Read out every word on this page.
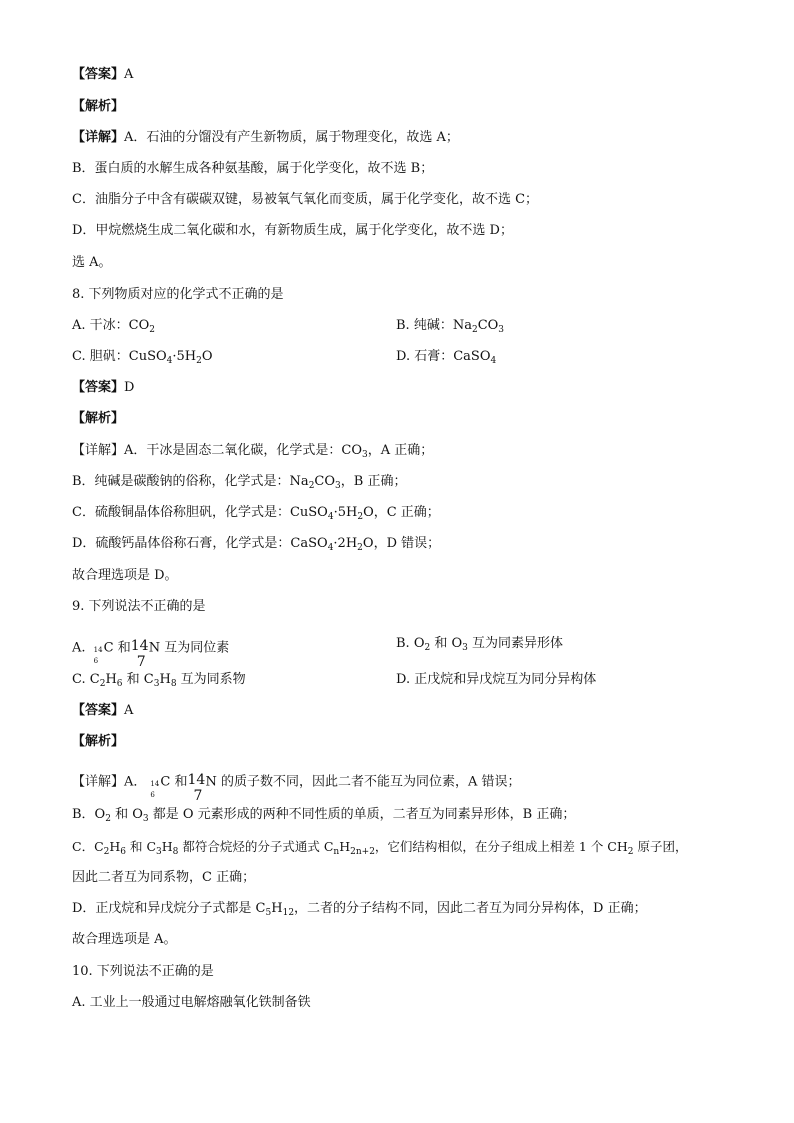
【答案】A
【解析】
【详解】A．石油的分馏没有产生新物质，属于物理变化，故选 A；
B．蛋白质的水解生成各种氨基酸，属于化学变化，故不选 B；
C．油脂分子中含有碳碳双键，易被氧气氧化而变质，属于化学变化，故不选 C；
D．甲烷燃烧生成二氧化碳和水，有新物质生成，属于化学变化，故不选 D；
选 A。
8. 下列物质对应的化学式不正确的是
A. 干冰：$CO_2$	B. 纯碱：$Na_2CO_3$
C. 胆矾：$CuSO_4\cdot 5H_2O$	D. 石膏：CaSO$_4$
【答案】D
【解析】
【详解】A．干冰是固态二氧化碳，化学式是：$CO_3$，A 正确；
B．纯碱是碳酸钠的俗称，化学式是：$Na_2CO_3$，B 正确；
C．硫酸铜晶体俗称胆矾，化学式是：$CuSO_4\cdot 5H_2O$，C 正确；
D．硫酸钙晶体俗称石膏，化学式是：$CaSO_4\cdot 2H_2O$，D 错误；
故合理选项是 D。
9. 下列说法不正确的是
A. 14
6
C 和 14
7
N 互为同位素	B. $O_2$ 和 $O_3$ 互为同素异形体
C. $C_2H_6$ 和 $C_3H_8$ 互为同系物	D. 正戊烷和异戊烷互为同分异构体
【答案】A
【解析】
【详解】A． 14
6
C 和 14
7
N 的质子数不同，因此二者不能互为同位素，A 错误；
B．$O_2$ 和 $O_3$ 都是 O 元素形成的两种不同性质的单质，二者互为同素异形体，B 正确；
C．$C_2H_6$ 和 $C_3H_8$ 都符合烷烃的分子式通式 $C_nH_{2n+2}$，它们结构相似，在分子组成上相差 1 个 $CH_2$ 原子团，
因此二者互为同系物，C 正确；
D．正戊烷和异戊烷分子式都是 $C_5H_{12}$，二者的分子结构不同，因此二者互为同分异构体，D 正确；
故合理选项是 A。
10. 下列说法不正确的是
A. 工业上一般通过电解熔融氧化铁制备铁
